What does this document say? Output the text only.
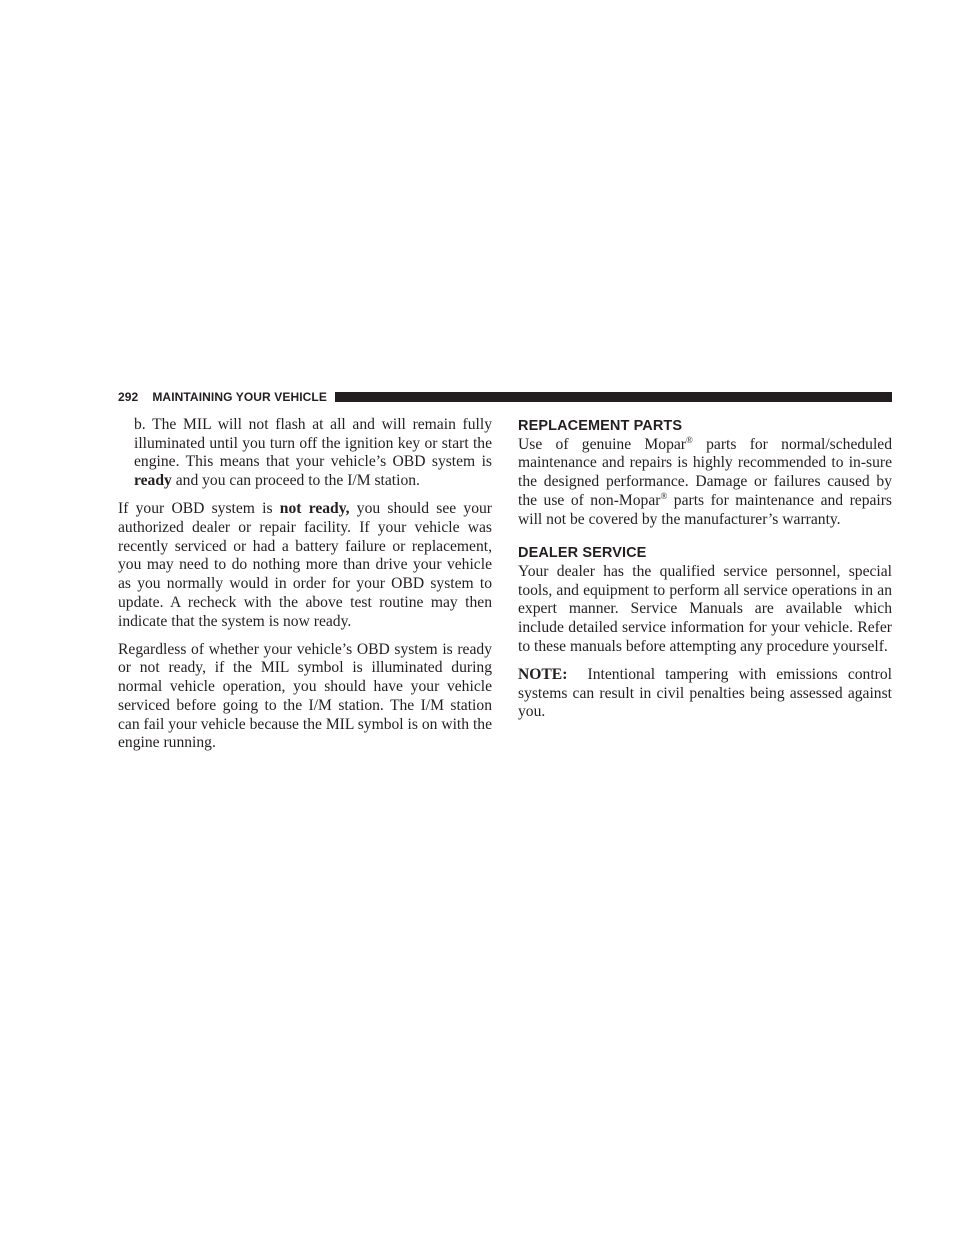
292 MAINTAINING YOUR VEHICLE

b. The MIL will not flash at all and will remain fully illuminated until you turn off the ignition key or start the engine. This means that your vehicle’s OBD system is ready and you can proceed to the I/M station.

If your OBD system is not ready, you should see your authorized dealer or repair facility. If your vehicle was recently serviced or had a battery failure or replacement, you may need to do nothing more than drive your vehicle as you normally would in order for your OBD system to update. A recheck with the above test routine may then indicate that the system is now ready.

Regardless of whether your vehicle’s OBD system is ready or not ready, if the MIL symbol is illuminated during normal vehicle operation, you should have your vehicle serviced before going to the I/M station. The I/M station can fail your vehicle because the MIL symbol is on with the engine running.

REPLACEMENT PARTS

Use of genuine Mopar® parts for normal/scheduled maintenance and repairs is highly recommended to in-sure the designed performance. Damage or failures caused by the use of non-Mopar® parts for maintenance and repairs will not be covered by the manufacturer’s warranty.

DEALER SERVICE

Your dealer has the qualified service personnel, special tools, and equipment to perform all service operations in an expert manner. Service Manuals are available which include detailed service information for your vehicle. Refer to these manuals before attempting any procedure yourself.

NOTE:  Intentional tampering with emissions control systems can result in civil penalties being assessed against you.
